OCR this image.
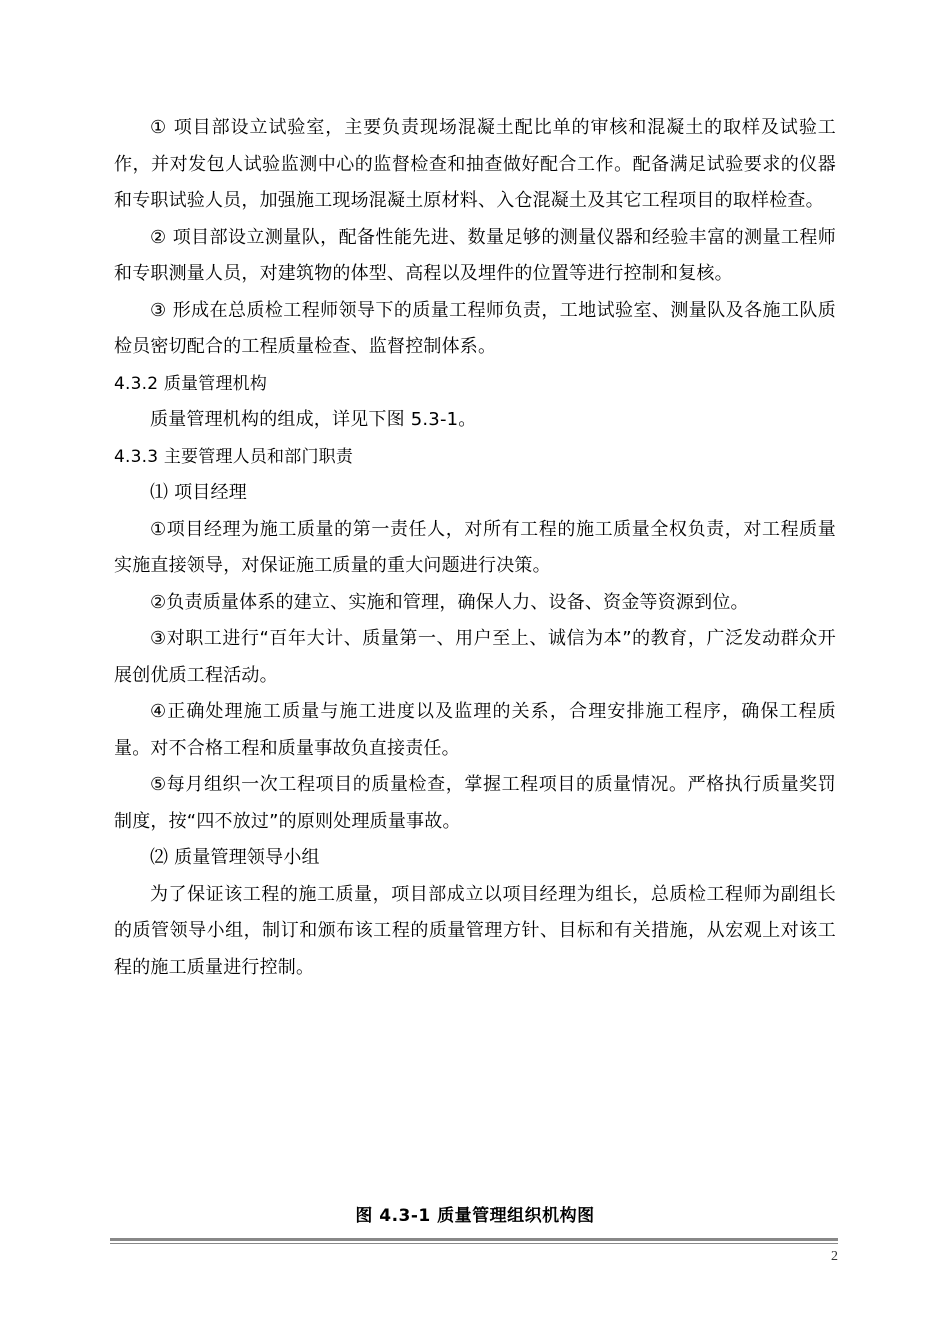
① 项目部设立试验室，主要负责现场混凝土配比单的审核和混凝土的取样及试验工作，并对发包人试验监测中心的监督检查和抽查做好配合工作。配备满足试验要求的仪器和专职试验人员，加强施工现场混凝土原材料、入仓混凝土及其它工程项目的取样检查。

② 项目部设立测量队，配备性能先进、数量足够的测量仪器和经验丰富的测量工程师和专职测量人员，对建筑物的体型、高程以及埋件的位置等进行控制和复核。

③ 形成在总质检工程师领导下的质量工程师负责，工地试验室、测量队及各施工队质检员密切配合的工程质量检查、监督控制体系。

4.3.2 质量管理机构

质量管理机构的组成，详见下图 5.3-1。

4.3.3 主要管理人员和部门职责

⑴ 项目经理

①项目经理为施工质量的第一责任人，对所有工程的施工质量全权负责，对工程质量实施直接领导，对保证施工质量的重大问题进行决策。

②负责质量体系的建立、实施和管理，确保人力、设备、资金等资源到位。

③对职工进行“百年大计、质量第一、用户至上、诚信为本”的教育，广泛发动群众开展创优质工程活动。

④正确处理施工质量与施工进度以及监理的关系，合理安排施工程序，确保工程质量。对不合格工程和质量事故负直接责任。

⑤每月组织一次工程项目的质量检查，掌握工程项目的质量情况。严格执行质量奖罚制度，按“四不放过”的原则处理质量事故。

⑵ 质量管理领导小组

为了保证该工程的施工质量，项目部成立以项目经理为组长，总质检工程师为副组长的质管领导小组，制订和颁布该工程的质量管理方针、目标和有关措施，从宏观上对该工程的施工质量进行控制。

图 4.3-1 质量管理组织机构图
2
